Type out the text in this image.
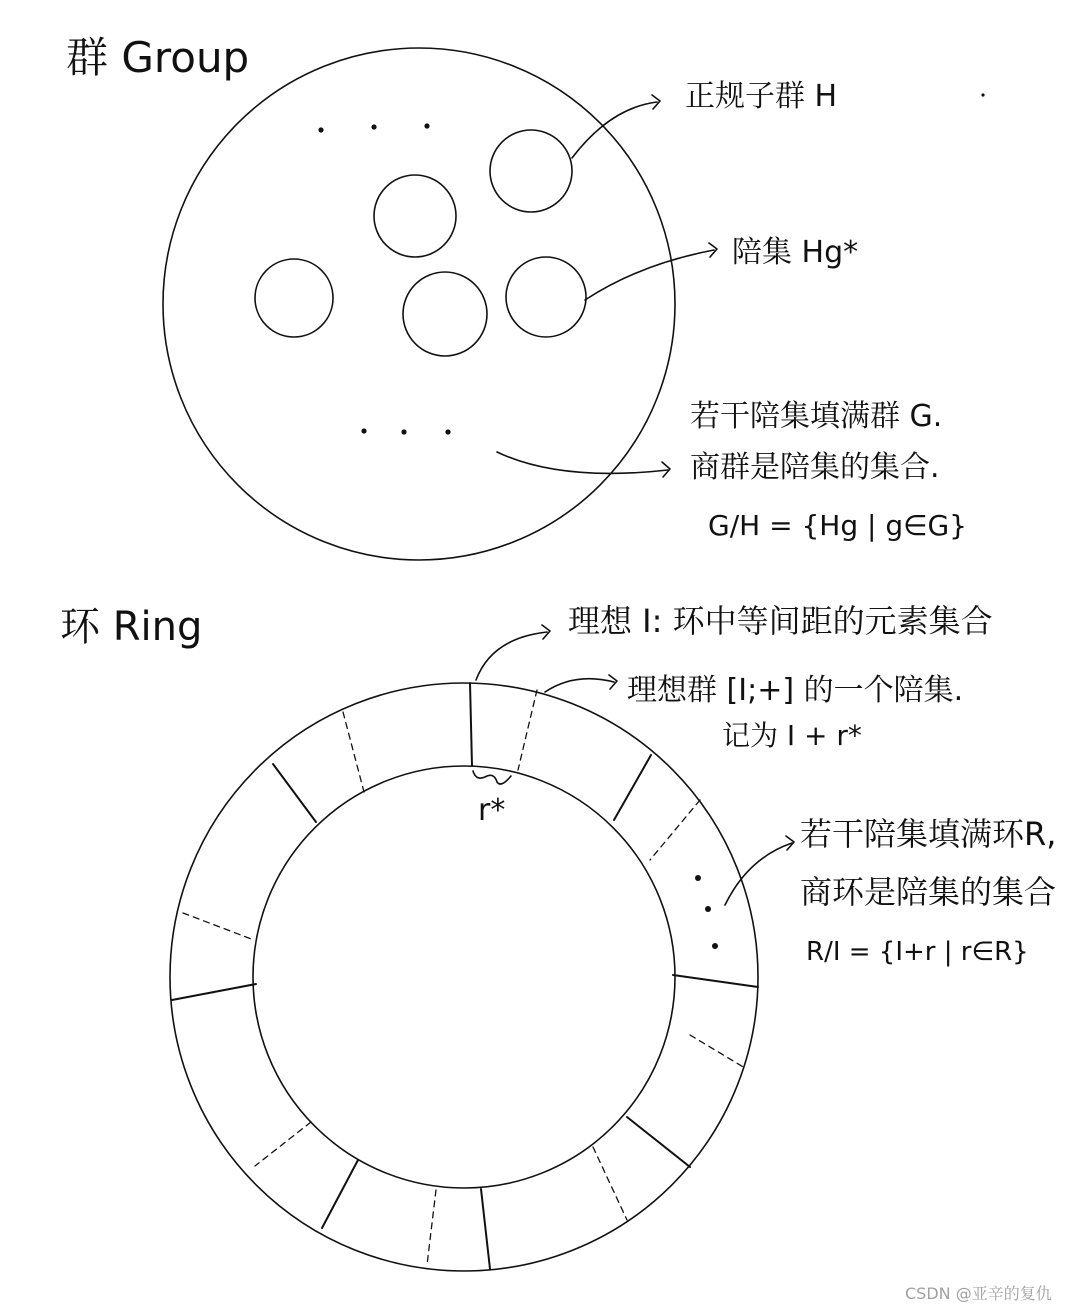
群 Group
正规子群 H
陪集 Hg*
若干陪集填满群 G.
商群是陪集的集合.
G/H = {Hg | g∈G}
环 Ring
r*
理想 I: 环中等间距的元素集合
理想群 [I;+] 的一个陪集.
记为 I + r*
若干陪集填满环R,
商环是陪集的集合
R/I = {I+r | r∈R}
CSDN @亚辛的复仇
